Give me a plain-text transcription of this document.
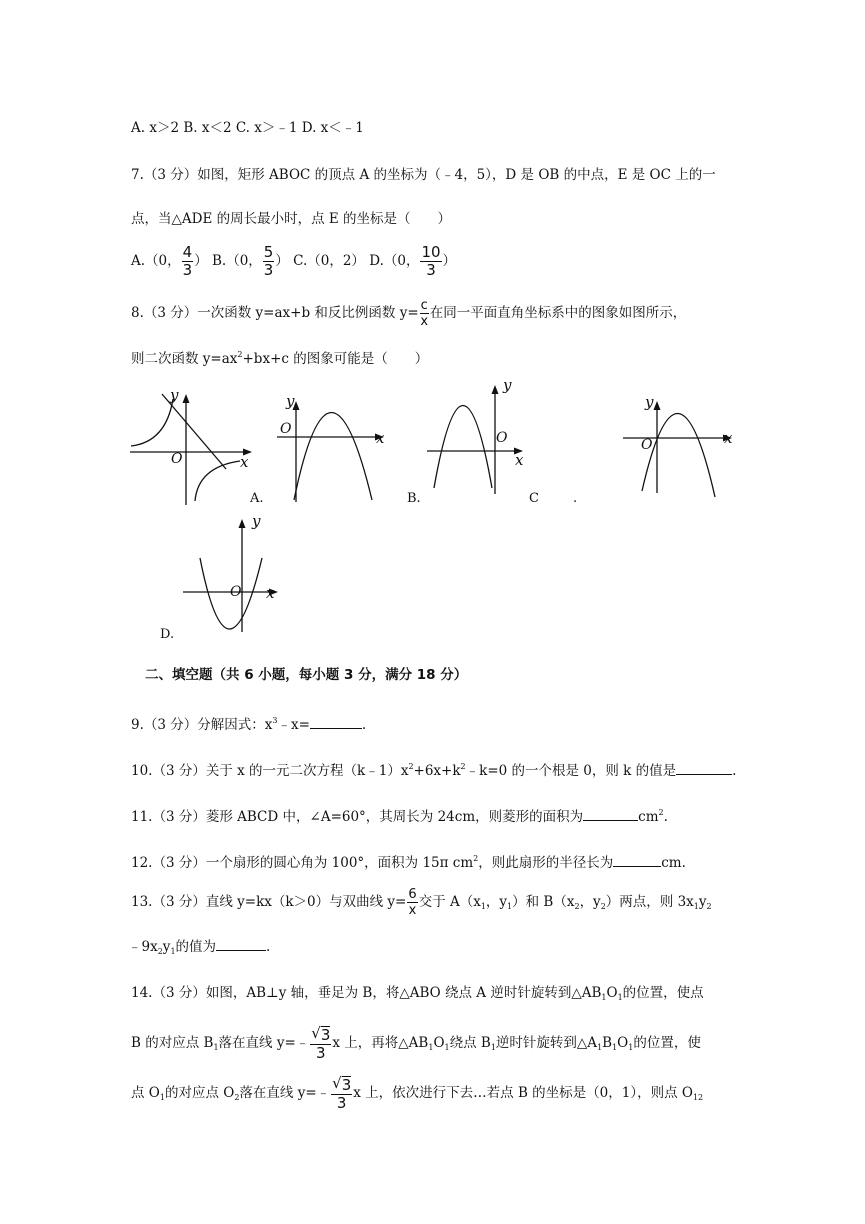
A. x＞2 B. x＜2 C. x＞﹣1 D. x＜﹣1
7.（3 分）如图，矩形 ABOC 的顶点 A 的坐标为（﹣4，5），D 是 OB 的中点，E 是 OC 上的一
点，当△ADE 的周长最小时，点 E 的坐标是（　　）
A.（0， $\frac{4}{3}$ ） B.（0， $\frac{5}{3}$ ） C.（0，2） D.（0， $\frac{10}{3}$ ）
8.（3 分）一次函数 y=ax+b 和反比例函数 $y= \frac{c}{x}$ 在同一平面直角坐标系中的图象如图所示，
则二次函数 $y=ax^2+bx+c$ 的图象可能是（　　）
y
x
O
A.
y
x
O
B.
y
x
O
C	.
y
x
O
y
x
O
D.
二、填空题（共 6 小题，每小题 3 分，满分 18 分）
9.（3 分）分解因式：$x^3﹣x=$	.
10.（3 分）关于 x 的一元二次方程$(k﹣1)x^2+6x+k^2﹣k=0$ 的一个根是 0，则 k 的值是	.
11.（3 分）菱形 ABCD 中，∠A=60°，其周长为 24cm，则菱形的面积为	$cm^2$.
12.（3 分）一个扇形的圆心角为 100°，面积为 15π $cm^2$，则此扇形的半径长为	cm.
13.（3 分）直线 y=kx（k＞0）与双曲线 $y= \frac{6}{x}$ 交于 $A(x_1$，$y_1$）和 $B(x_2$，$y_2$）两点，则 $3x_1y_2$
$﹣9x_2y_1$的值为	.
14.（3 分）如图，AB⊥y 轴，垂足为 B，将△ABO 绕点 A 逆时针旋转到$\triangle AB_1O_1$的位置，使点
B 的对应点 $B_1$落在直线 y=﹣ $\frac{√ 3}{3}$ x 上，再将$\triangle AB_1O_1$绕点 $B_1$逆时针旋转到$\triangle A_1B_1O_1$的位置，使
点 $O_1$的对应点 $O_2$落在直线 y=﹣ $\frac{√ 3}{3}$ x 上，依次进行下去…若点 B 的坐标是（0，1），则点 $O_{12}$
